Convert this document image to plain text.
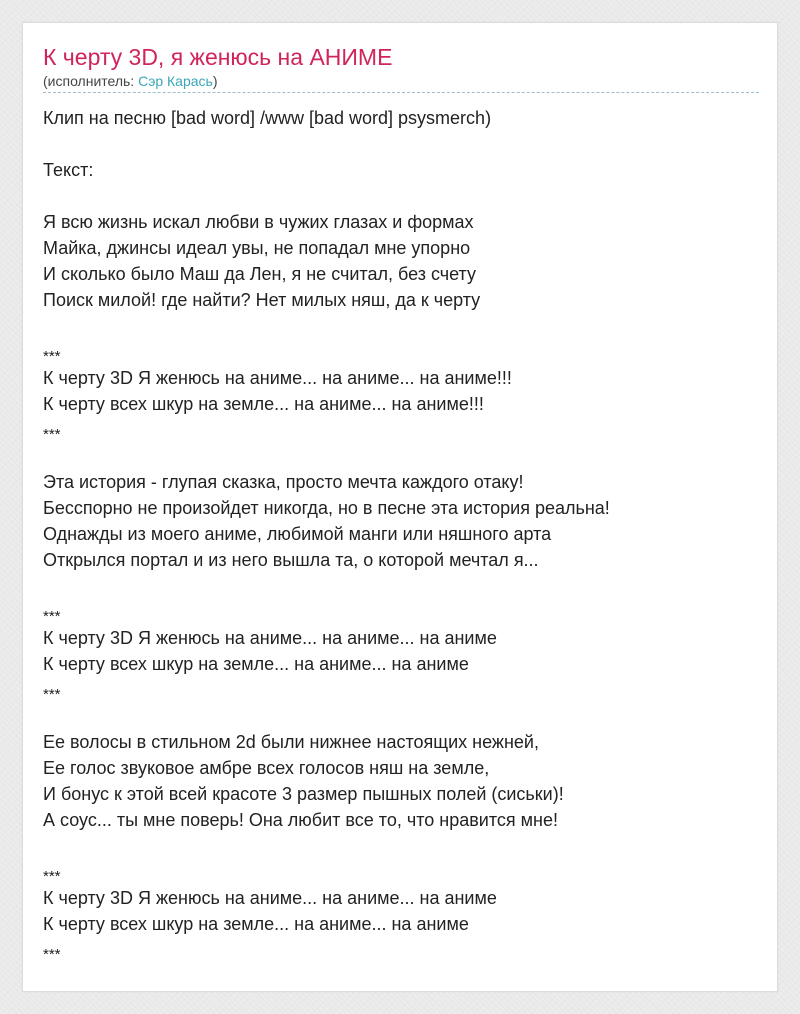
К черту 3D, я женюсь на АНИМЕ
(исполнитель: Сэр Карась)
Клип на песню [bad word] /www [bad word] psysmerch)
Текст:
Я всю жизнь искал любви в чужих глазах и формах
Майка, джинсы идеал увы, не попадал мне упорно
И сколько было Маш да Лен, я не считал, без счету
Поиск милой! где найти? Нет милых няш, да к черту
***
К черту 3D Я женюсь на аниме... на аниме... на аниме!!!
К черту всех шкур на земле... на аниме... на аниме!!!
***
Эта история - глупая сказка, просто мечта каждого отаку!
Бесспорно не произойдет никогда, но в песне эта история реальна!
Однажды из моего аниме, любимой манги или няшного арта
Открылся портал и из него вышла та, о которой мечтал я...
***
К черту 3D Я женюсь на аниме... на аниме... на аниме
К черту всех шкур на земле... на аниме... на аниме
***
Ее волосы в стильном 2d были нижнее настоящих нежней,
Ее голос звуковое амбре всех голосов няш на земле,
И бонус к этой всей красоте 3 размер пышных полей (сиськи)!
А соус... ты мне поверь! Она любит все то, что нравится мне!
***
К черту 3D Я женюсь на аниме... на аниме... на аниме
К черту всех шкур на земле... на аниме... на аниме
***
